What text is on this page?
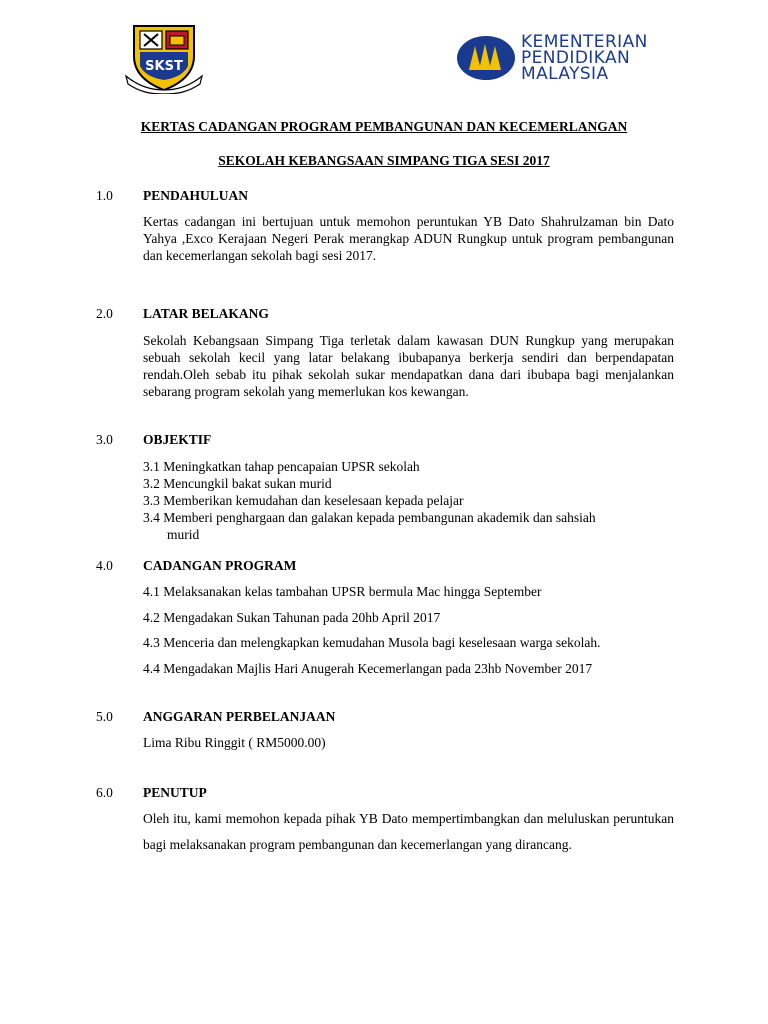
SKST
KEMENTERIAN
PENDIDIKAN
MALAYSIA
KERTAS CADANGAN PROGRAM PEMBANGUNAN DAN KECEMERLANGAN
SEKOLAH KEBANGSAAN SIMPANG TIGA SESI 2017
1.0 PENDAHULUAN
Kertas cadangan ini bertujuan untuk memohon peruntukan YB Dato Shahrulzaman bin Dato Yahya ,Exco Kerajaan Negeri Perak merangkap ADUN Rungkup untuk program pembangunan dan kecemerlangan sekolah bagi sesi 2017.
2.0 LATAR BELAKANG
Sekolah Kebangsaan Simpang Tiga terletak dalam kawasan DUN Rungkup yang merupakan sebuah sekolah kecil yang latar belakang ibubapanya berkerja sendiri dan berpendapatan rendah.Oleh sebab itu pihak sekolah sukar mendapatkan dana dari ibubapa bagi menjalankan sebarang program sekolah yang memerlukan kos kewangan.
3.0 OBJEKTIF
3.1 Meningkatkan tahap pencapaian UPSR sekolah
3.2 Mencungkil bakat sukan murid
3.3 Memberikan kemudahan dan keselesaan kepada pelajar
3.4 Memberi penghargaan dan galakan kepada pembangunan akademik dan sahsiah
murid
4.0 CADANGAN PROGRAM
4.1 Melaksanakan kelas tambahan UPSR bermula Mac hingga September
4.2 Mengadakan Sukan Tahunan pada 20hb April 2017
4.3 Menceria dan melengkapkan kemudahan Musola bagi keselesaan warga sekolah.
4.4 Mengadakan Majlis Hari Anugerah Kecemerlangan pada 23hb November 2017
5.0 ANGGARAN PERBELANJAAN
Lima Ribu Ringgit ( RM5000.00)
6.0 PENUTUP
Oleh itu, kami memohon kepada pihak YB Dato mempertimbangkan dan meluluskan peruntukan bagi melaksanakan program pembangunan dan kecemerlangan yang dirancang.
